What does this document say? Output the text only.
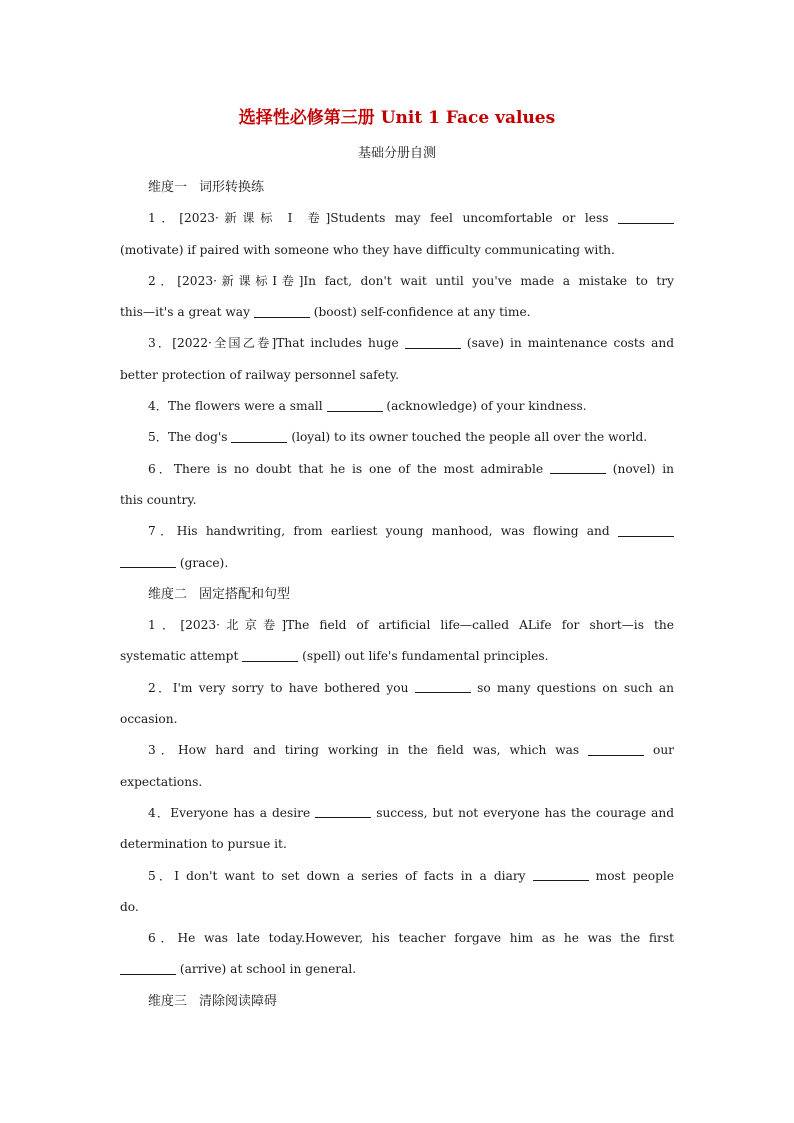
选择性必修第三册 Unit 1 Face values
基础分册自测
维度一 词形转换练
1．[2023·新课标 Ⅰ 卷]Students may feel uncomfortable or less
(motivate) if paired with someone who they have difficulty communicating with.
2．[2023·新课标Ⅰ卷]In fact, don't wait until you've made a mistake to try
this—it's a great way	(boost) self-confidence at any time.
3．[2022·全国乙卷]That includes huge	(save) in maintenance costs and
better protection of railway personnel safety.
4．The flowers were a small	(acknowledge) of your kindness.
5．The dog's	(loyal) to its owner touched the people all over the world.
6．There is no doubt that he is one of the most admirable	(novel) in
this country.
7．His handwriting, from earliest young manhood, was flowing and
(grace).
维度二 固定搭配和句型
1．[2023·北京卷]The field of artificial life—called ALife for short—is the
systematic attempt	(spell) out life's fundamental principles.
2．I'm very sorry to have bothered you	so many questions on such an
occasion.
3．How hard and tiring working in the field was, which was	our
expectations.
4．Everyone has a desire	success, but not everyone has the courage and
determination to pursue it.
5．I don't want to set down a series of facts in a diary	most people
do.
6．He was late today.However, his teacher forgave him as he was the first
(arrive) at school in general.
维度三 清除阅读障碍
